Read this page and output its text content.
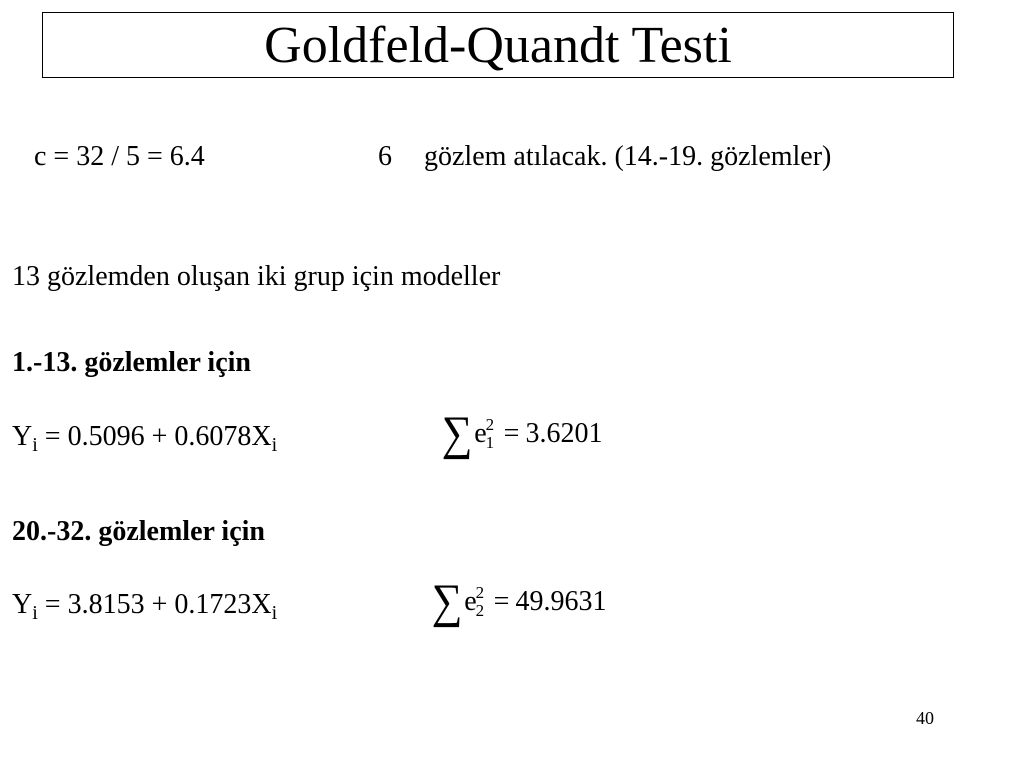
Goldfeld-Quandt Testi
c = 32 / 5 = 6.4	6 gözlem atılacak. (14.-19. gözlemler)
13 gözlemden oluşan iki grup için modeller
1.-13. gözlemler için
$Y_i = 0.5096 + 0.6078X_i$	∑e 2
1 = 3.6201
20.-32. gözlemler için
$Y_i = 3.8153 + 0.1723X_i$	∑e 2
2 = 49.9631
40
